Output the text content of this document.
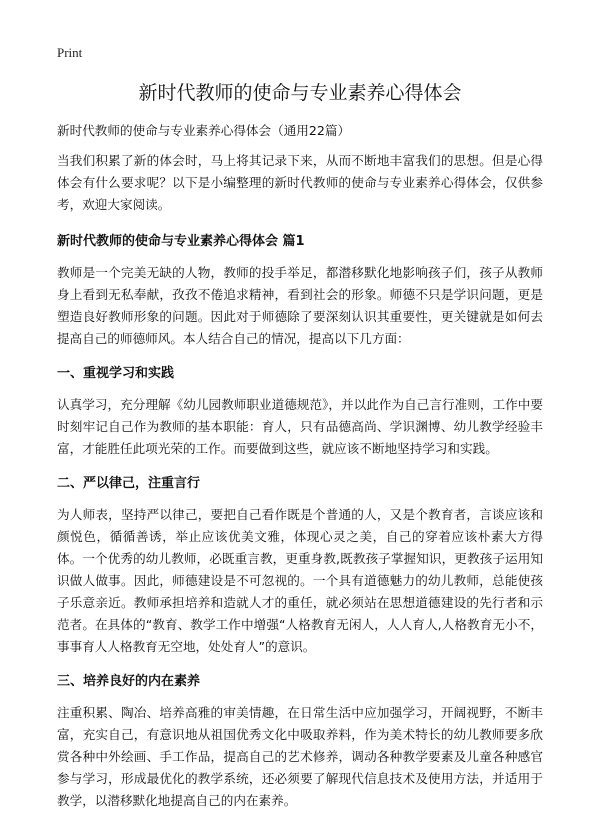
Print
新时代教师的使命与专业素养心得体会

新时代教师的使命与专业素养心得体会（通用22篇）

当我们积累了新的体会时，马上将其记录下来，从而不断地丰富我们的思想。但是心得体会有什么要求呢？以下是小编整理的新时代教师的使命与专业素养心得体会，仅供参考，欢迎大家阅读。

新时代教师的使命与专业素养心得体会 篇1

教师是一个完美无缺的人物，教师的投手举足，都潜移默化地影响孩子们，孩子从教师身上看到无私奉献，孜孜不倦追求精神，看到社会的形象。师德不只是学识问题，更是塑造良好教师形象的问题。因此对于师德除了要深刻认识其重要性，更关键就是如何去提高自己的师德师风。本人结合自己的情况，提高以下几方面：

一、重视学习和实践

认真学习，充分理解《幼儿园教师职业道德规范》，并以此作为自己言行准则，工作中要时刻牢记自己作为教师的基本职能：育人，只有品德高尚、学识渊博、幼儿教学经验丰富，才能胜任此项光荣的工作。而要做到这些，就应该不断地坚持学习和实践。

二、严以律己，注重言行

为人师表，坚持严以律己，要把自己看作既是个普通的人，又是个教育者，言谈应该和颜悦色，循循善诱，举止应该优美文雅，体现心灵之美，自己的穿着应该朴素大方得体。一个优秀的幼儿教师，必既重言教，更重身教,既教孩子掌握知识，更教孩子运用知识做人做事。因此，师德建设是不可忽视的。一个具有道德魅力的幼儿教师，总能使孩子乐意亲近。教师承担培养和造就人才的重任，就必须站在思想道德建设的先行者和示范者。在具体的“教育、教学工作中增强“人格教育无闲人，人人育人,人格教育无小不，事事育人人格教育无空地，处处育人”的意识。

三、培养良好的内在素养

注重积累、陶冶、培养高雅的审美情趣，在日常生活中应加强学习，开阔视野，不断丰富，充实自己，有意识地从祖国优秀文化中吸取养料，作为美术特长的幼儿教师要多欣赏各种中外绘画、手工作品，提高自己的艺术修养，调动各种教学要素及儿童各种感官参与学习，形成最优化的教学系统，还必须要了解现代信息技术及使用方法，并适用于教学，以潜移默化地提高自己的内在素养。
